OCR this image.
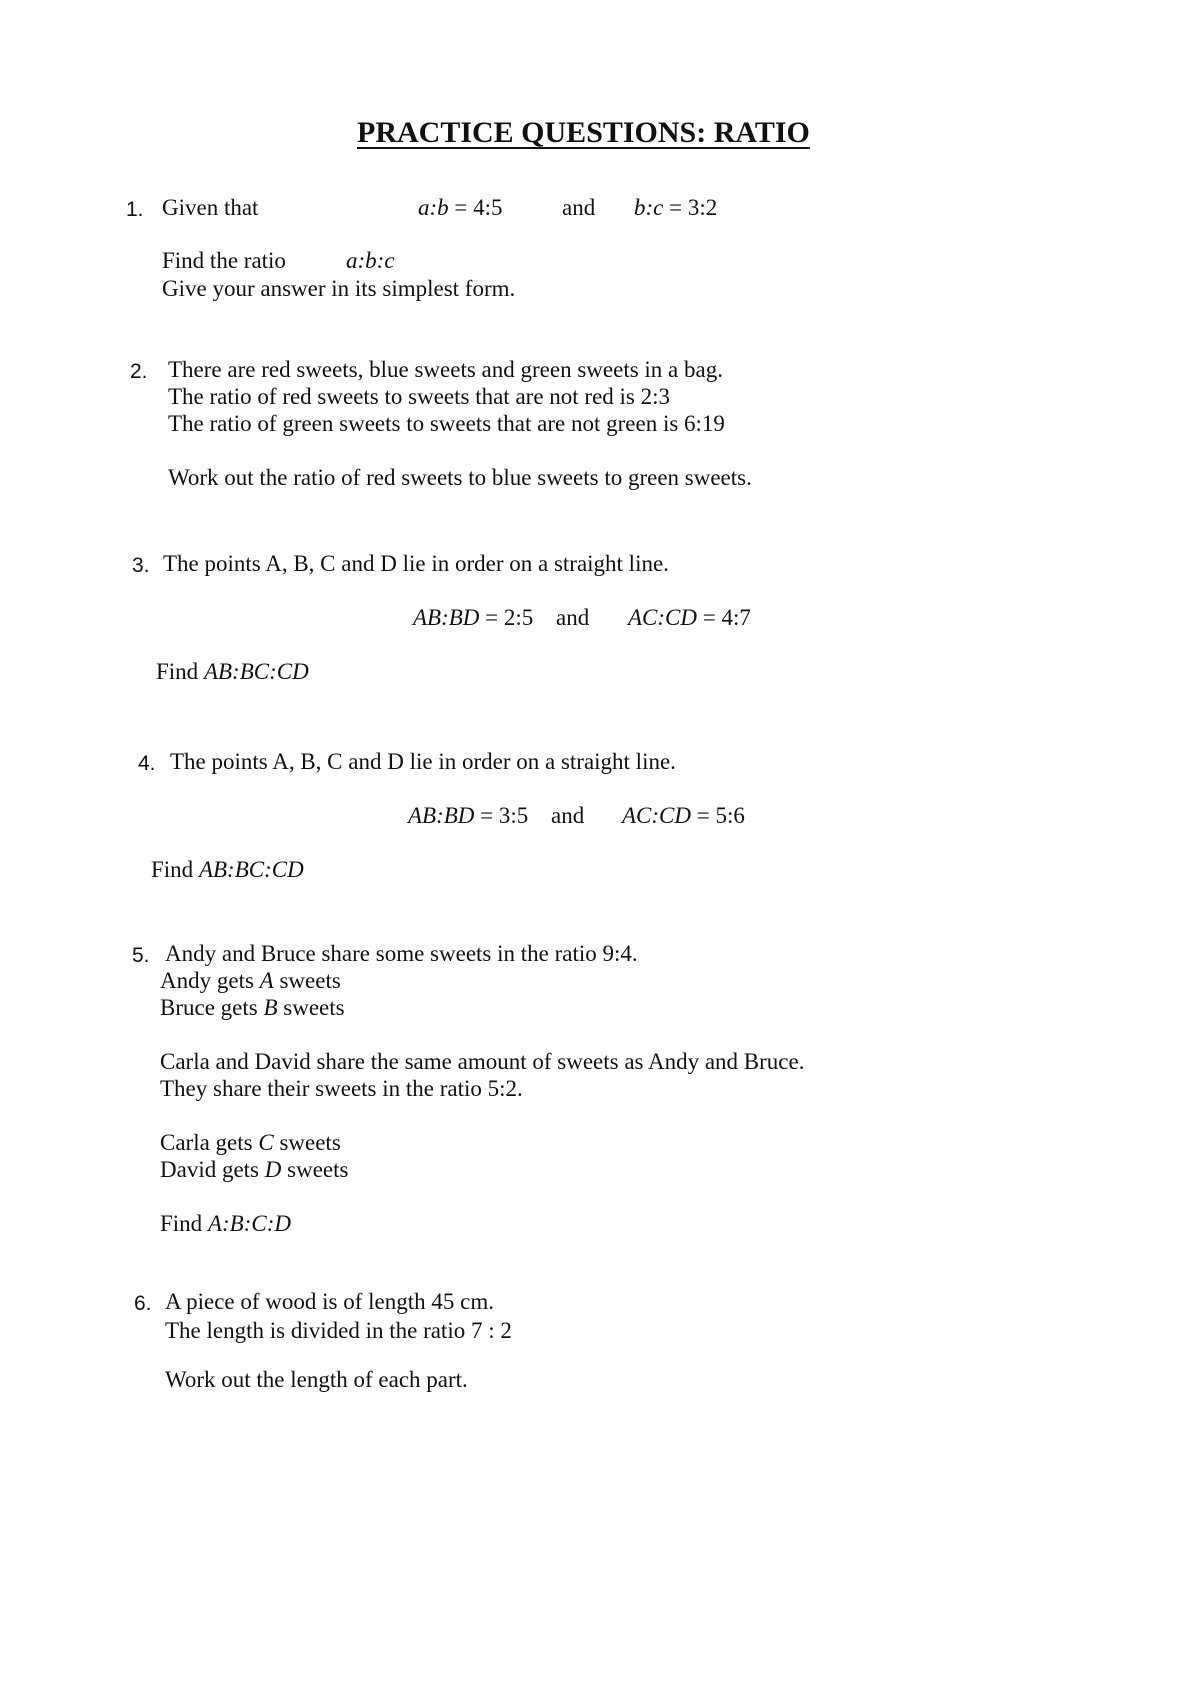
PRACTICE QUESTIONS: RATIO
1. Given that	a:b = 4:5	and b:c = 3:2
Find the ratio	a:b:c
Give your answer in its simplest form.
2. There are red sweets, blue sweets and green sweets in a bag.
The ratio of red sweets to sweets that are not red is 2:3
The ratio of green sweets to sweets that are not green is 6:19
Work out the ratio of red sweets to blue sweets to green sweets.
3. The points A, B, C and D lie in order on a straight line.
AB:BD = 2:5 and AC:CD = 4:7
Find AB:BC:CD
4. The points A, B, C and D lie in order on a straight line.
AB:BD = 3:5 and AC:CD = 5:6
Find AB:BC:CD
5. Andy and Bruce share some sweets in the ratio 9:4.
Andy gets A sweets
Bruce gets B sweets
Carla and David share the same amount of sweets as Andy and Bruce.
They share their sweets in the ratio 5:2.
Carla gets C sweets
David gets D sweets
Find A:B:C:D
6. A piece of wood is of length 45 cm.
The length is divided in the ratio 7 : 2
Work out the length of each part.
